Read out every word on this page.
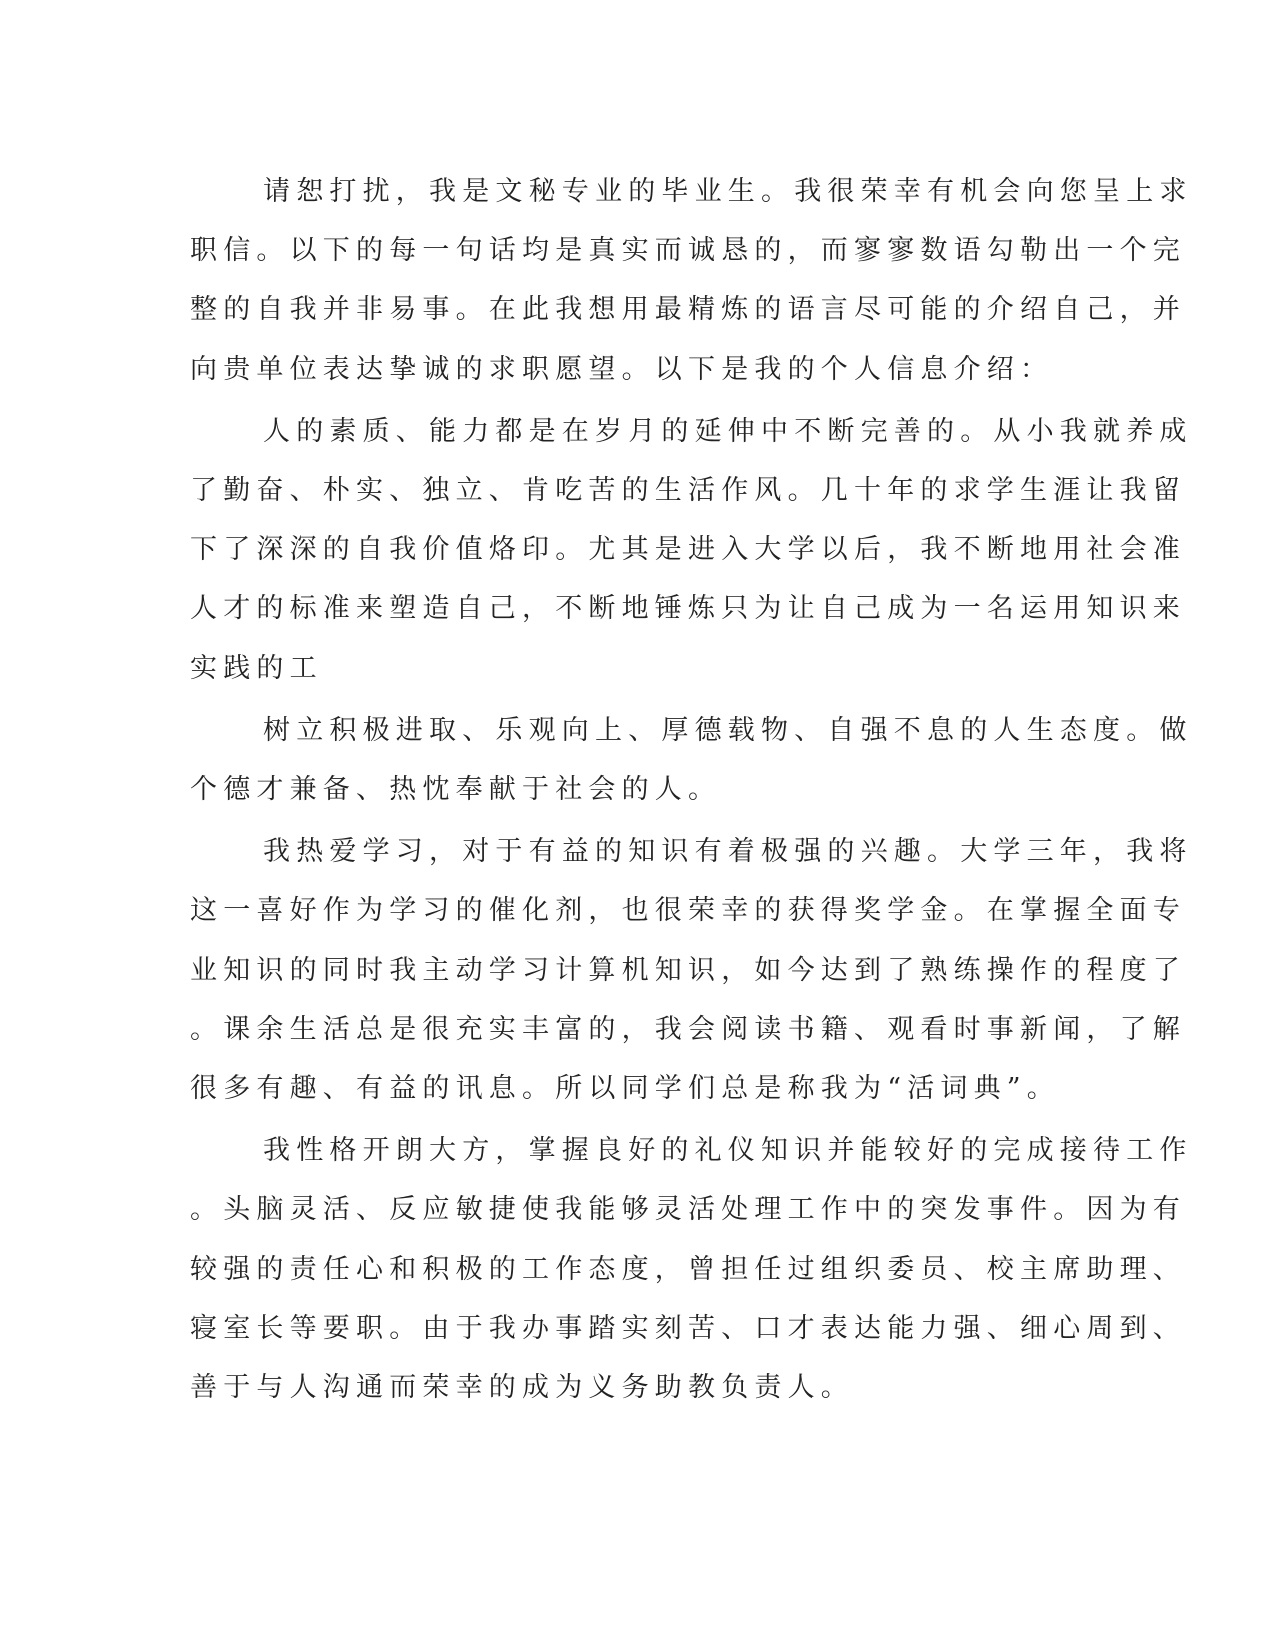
请恕打扰，我是文秘专业的毕业生。我很荣幸有机会向您呈上求
职信。以下的每一句话均是真实而诚恳的，而寥寥数语勾勒出一个完
整的自我并非易事。在此我想用最精炼的语言尽可能的介绍自己，并
向贵单位表达挚诚的求职愿望。以下是我的个人信息介绍：

人的素质、能力都是在岁月的延伸中不断完善的。从小我就养成
了勤奋、朴实、独立、肯吃苦的生活作风。几十年的求学生涯让我留
下了深深的自我价值烙印。尤其是进入大学以后，我不断地用社会准
人才的标准来塑造自己，不断地锤炼只为让自己成为一名运用知识来
实践的工

树立积极进取、乐观向上、厚德载物、自强不息的人生态度。做
个德才兼备、热忱奉献于社会的人。

我热爱学习，对于有益的知识有着极强的兴趣。大学三年，我将
这一喜好作为学习的催化剂，也很荣幸的获得奖学金。在掌握全面专
业知识的同时我主动学习计算机知识，如今达到了熟练操作的程度了
。课余生活总是很充实丰富的，我会阅读书籍、观看时事新闻，了解
很多有趣、有益的讯息。所以同学们总是称我为“活词典”。

我性格开朗大方，掌握良好的礼仪知识并能较好的完成接待工作
。头脑灵活、反应敏捷使我能够灵活处理工作中的突发事件。因为有
较强的责任心和积极的工作态度，曾担任过组织委员、校主席助理、
寝室长等要职。由于我办事踏实刻苦、口才表达能力强、细心周到、
善于与人沟通而荣幸的成为义务助教负责人。
